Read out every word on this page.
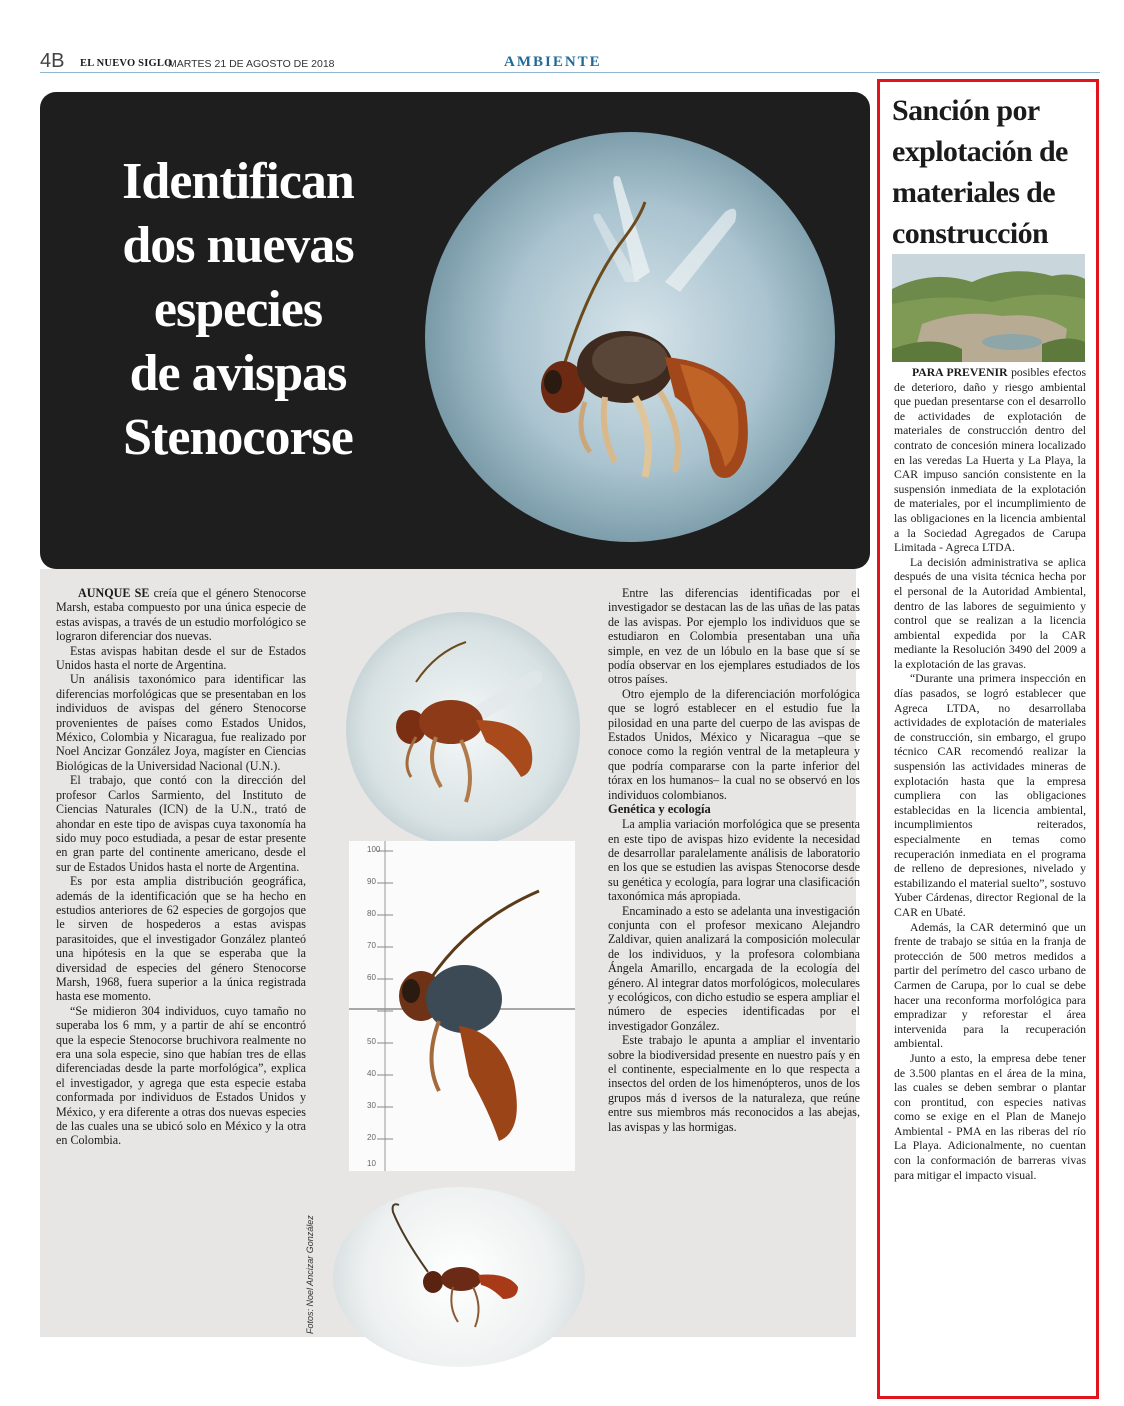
4B EL NUEVO SIGLO
MARTES 21 DE AGOSTO DE 2018	AMBIENTE
Identifican
dos nuevas
especies
de avispas
Stenocorse

AUNQUE SE creía que el género Stenocorse Marsh, estaba compuesto por una única especie de estas avispas, a través de un estudio morfológico se lograron diferenciar dos nuevas.

Estas avispas habitan desde el sur de Estados Unidos hasta el norte de Argentina.

Un análisis taxonómico para identificar las diferencias morfológicas que se presentaban en los individuos de avispas del género Stenocorse provenientes de países como Estados Unidos, México, Colombia y Nicaragua, fue realizado por Noel Ancizar González Joya, magíster en Ciencias Biológicas de la Universidad Nacional (U.N.).

El trabajo, que contó con la dirección del profesor Carlos Sarmiento, del Instituto de Ciencias Naturales (ICN) de la U.N., trató de ahondar en este tipo de avispas cuya taxonomía ha sido muy poco estudiada, a pesar de estar presente en gran parte del continente americano, desde el sur de Estados Unidos hasta el norte de Argentina.

Es por esta amplia distribución geográfica, además de la identificación que se ha hecho en estudios anteriores de 62 especies de gorgojos que le sirven de hospederos a estas avispas parasitoides, que el investigador González planteó una hipótesis en la que se esperaba que la diversidad de especies del género Stenocorse Marsh, 1968, fuera superior a la única registrada hasta ese momento.

“Se midieron 304 individuos, cuyo tamaño no superaba los 6 mm, y a partir de ahí se encontró que la especie Stenocorse bruchivora realmente no era una sola especie, sino que habían tres de ellas diferenciadas desde la parte morfológica”, explica el investigador, y agrega que esta especie estaba conformada por individuos de Estados Unidos y México, y era diferente a otras dos nuevas especies de las cuales una se ubicó solo en México y la otra en Colombia.

100
90
80
70
60
50
40
30
20
10
Fotos: Noel Ancizar González

Entre las diferencias identificadas por el investigador se destacan las de las uñas de las patas de las avispas. Por ejemplo los individuos que se estudiaron en Colombia presentaban una uña simple, en vez de un lóbulo en la base que sí se podía observar en los ejemplares estudiados de los otros países.

Otro ejemplo de la diferenciación morfológica que se logró establecer en el estudio fue la pilosidad en una parte del cuerpo de las avispas de Estados Unidos, México y Nicaragua –que se conoce como la región ventral de la metapleura y que podría compararse con la parte inferior del tórax en los humanos– la cual no se observó en los individuos colombianos.

Genética y ecología

La amplia variación morfológica que se presenta en este tipo de avispas hizo evidente la necesidad de desarrollar paralelamente análisis de laboratorio en los que se estudien las avispas Stenocorse desde su genética y ecología, para lograr una clasificación taxonómica más apropiada.

Encaminado a esto se adelanta una investigación conjunta con el profesor mexicano Alejandro Zaldivar, quien analizará la composición molecular de los individuos, y la profesora colombiana Ángela Amarillo, encargada de la ecología del género. Al integrar datos morfológicos, moleculares y ecológicos, con dicho estudio se espera ampliar el número de especies identificadas por el investigador González.

Este trabajo le apunta a ampliar el inventario sobre la biodiversidad presente en nuestro país y en el continente, especialmente en lo que respecta a insectos del orden de los himenópteros, unos de los grupos más d iversos de la naturaleza, que reúne entre sus miembros más reconocidos a las abejas, las avispas y las hormigas.

Sanción por
explotación de
materiales de
construcción

PARA PREVENIR posibles efectos de deterioro, daño y riesgo ambiental que puedan presentarse con el desarrollo de actividades de explotación de materiales de construcción dentro del contrato de concesión minera localizado en las veredas La Huerta y La Playa, la CAR impuso sanción consistente en la suspensión inmediata de la explotación de materiales, por el incumplimiento de las obligaciones en la licencia ambiental a la Sociedad Agregados de Carupa Limitada - Agreca LTDA.

La decisión administrativa se aplica después de una visita técnica hecha por el personal de la Autoridad Ambiental, dentro de las labores de seguimiento y control que se realizan a la licencia ambiental expedida por la CAR mediante la Resolución 3490 del 2009 a la explotación de las gravas.

“Durante una primera inspección en días pasados, se logró establecer que Agreca LTDA, no desarrollaba actividades de explotación de materiales de construcción, sin embargo, el grupo técnico CAR recomendó realizar la suspensión las actividades mineras de explotación hasta que la empresa cumpliera con las obligaciones establecidas en la licencia ambiental, incumplimientos reiterados, especialmente en temas como recuperación inmediata en el programa de relleno de depresiones, nivelado y estabilizando el material suelto”, sostuvo Yuber Cárdenas, director Regional de la CAR en Ubaté.

Además, la CAR determinó que un frente de trabajo se sitúa en la franja de protección de 500 metros medidos a partir del perímetro del casco urbano de Carmen de Carupa, por lo cual se debe hacer una reconforma morfológica para empradizar y reforestar el área intervenida para la recuperación ambiental.

Junto a esto, la empresa debe tener de 3.500 plantas en el área de la mina, las cuales se deben sembrar o plantar con prontitud, con especies nativas como se exige en el Plan de Manejo Ambiental - PMA en las riberas del río La Playa. Adicionalmente, no cuentan con la conformación de barreras vivas para mitigar el impacto visual.
